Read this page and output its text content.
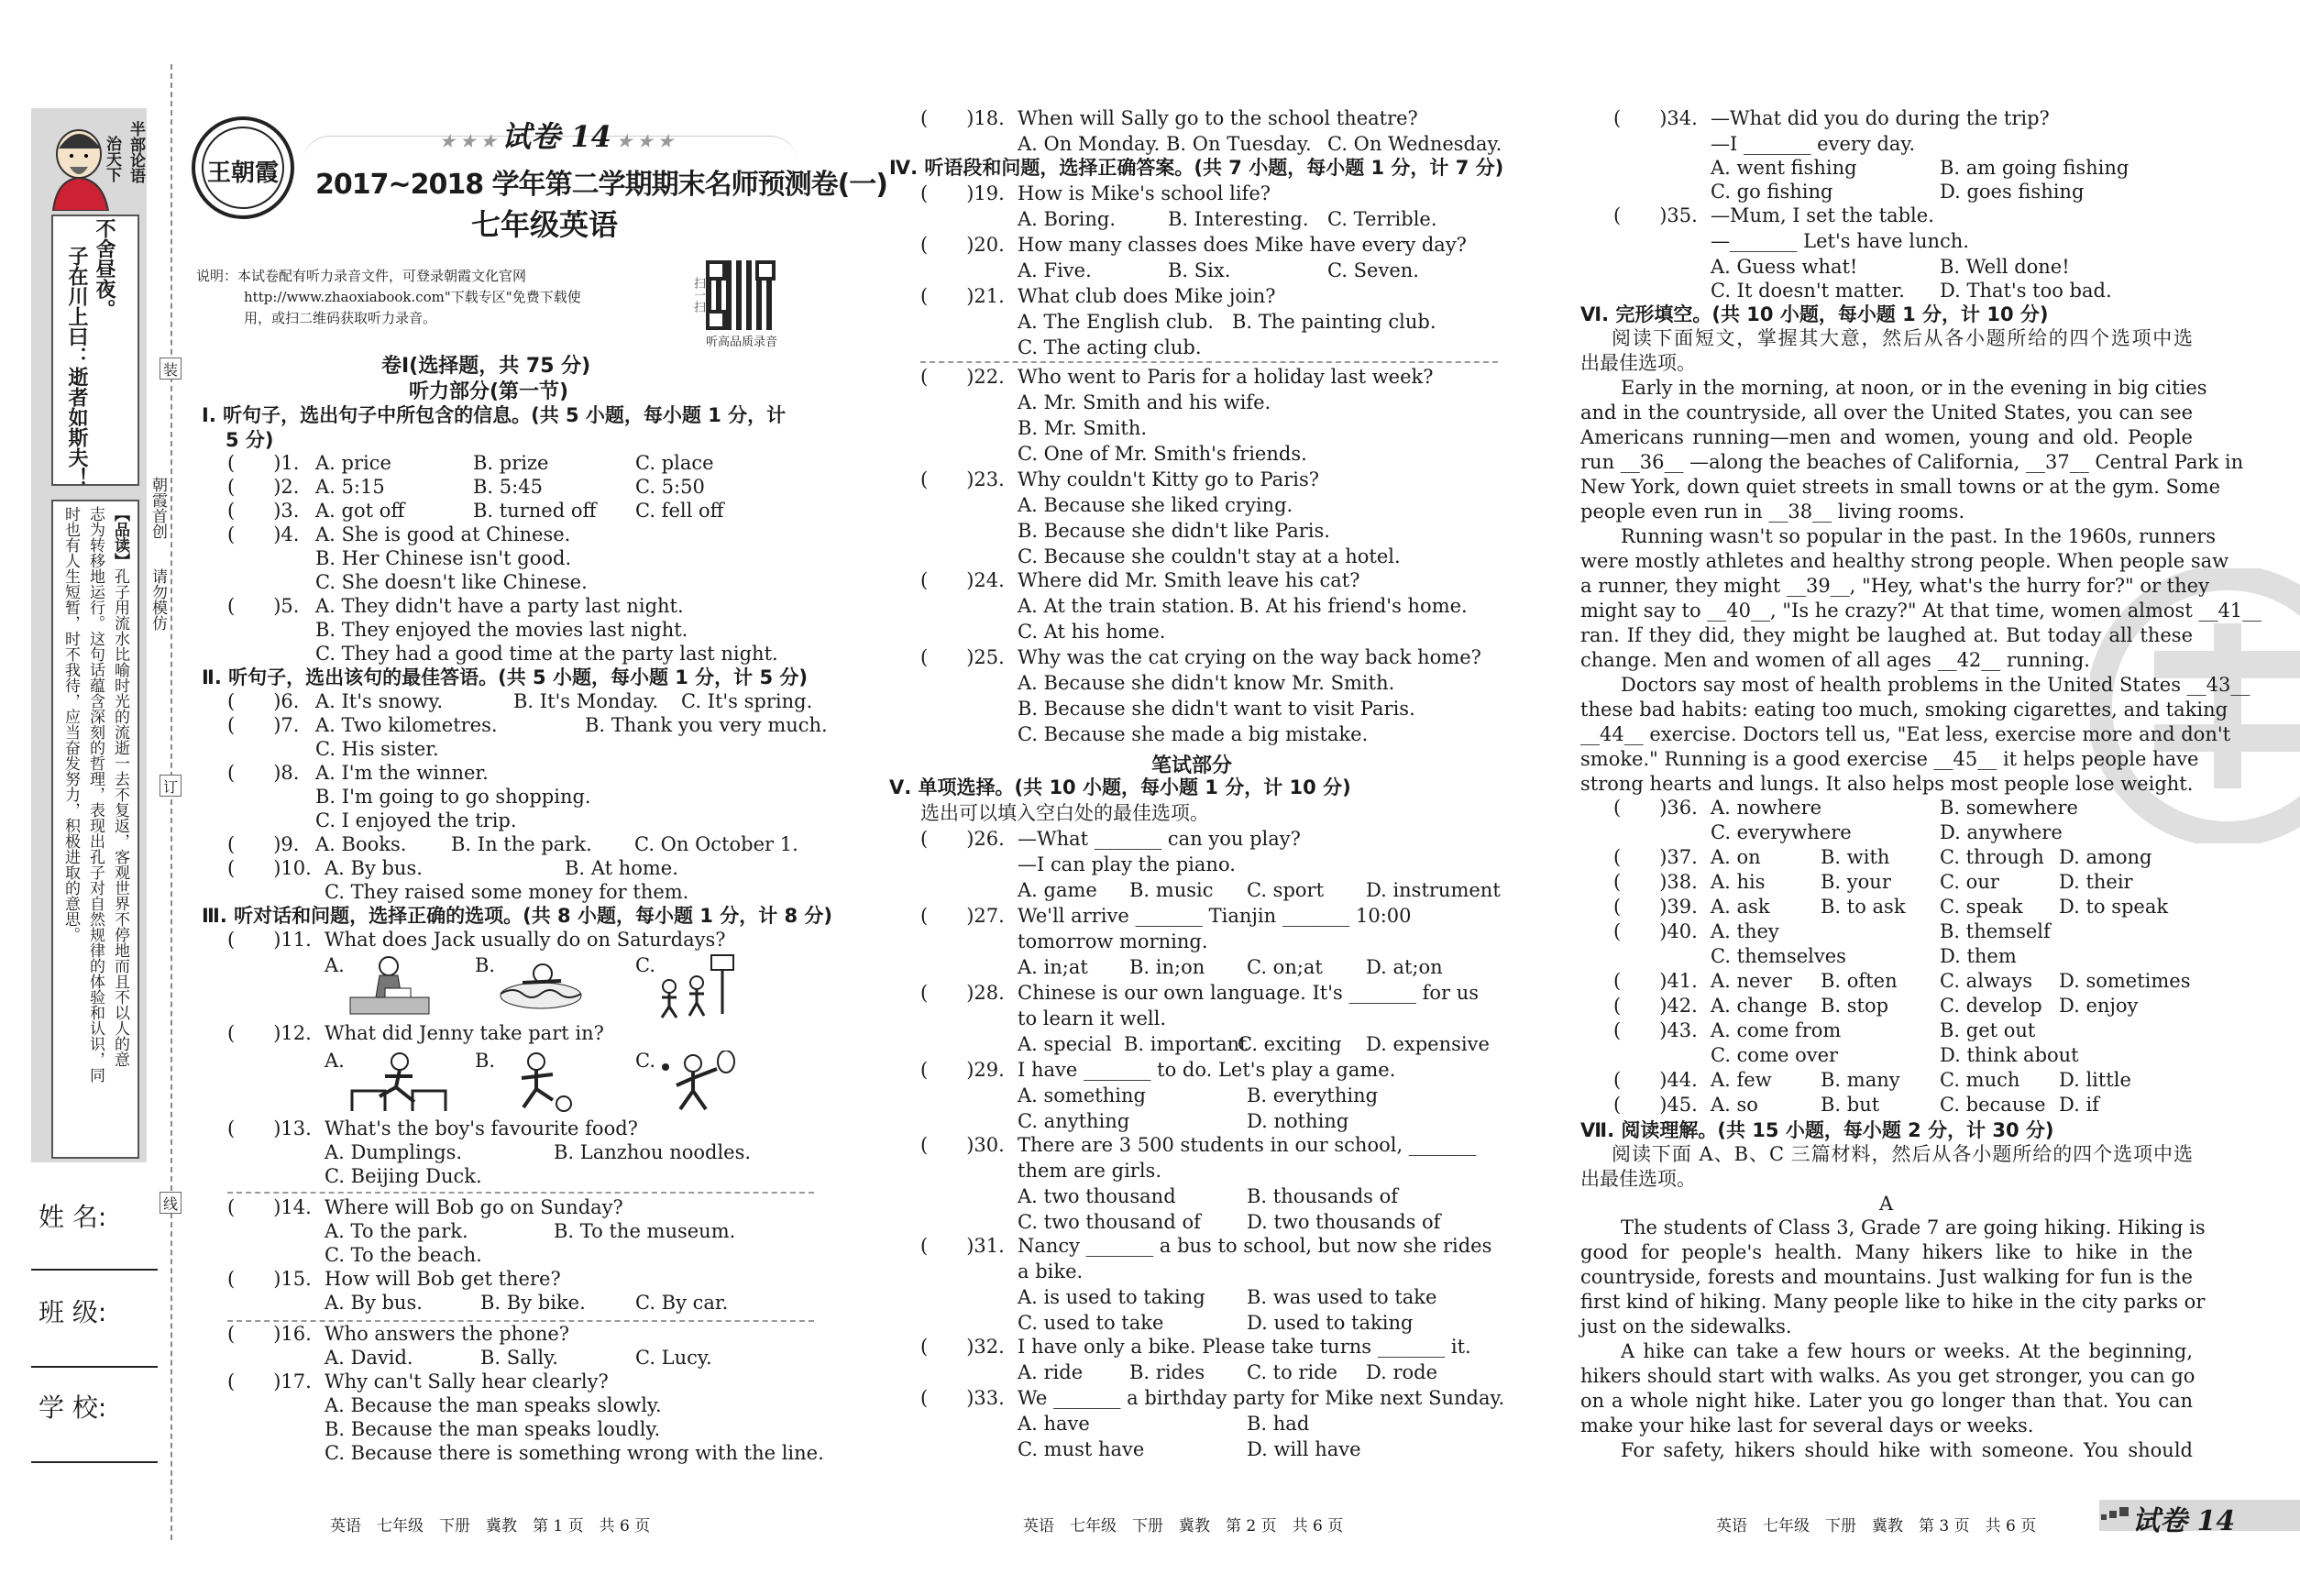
半部论语
治天下
不舍昼夜。
子在川上曰：逝者如斯夫！
【品读】孔子用流水比喻时光的流逝一去不复返，客观世界不停地而且不以人的意
志为转移地运行。这句话蕴含深刻的哲理，表现出孔子对自然规律的体验和认识，同
时也有人生短暂，时不我待，应当奋发努力，积极进取的意思。	朝霞首创
请勿模仿
装
订
线
姓 名:
班 级:
学 校:
王朝霞
★ ★ ★ 试卷 14 ★ ★ ★
2017~2018 学年第二学期期末名师预测卷(一)
七年级英语
说明：本试卷配有听力录音文件，可登录朝霞文化官网
http://www.zhaoxiabook.com"下载专区"免费下载使
用，或扫二维码获取听力录音。
扫一扫
听高品质录音
卷Ⅰ(选择题，共 75 分)
听力部分(第一节)
Ⅰ. 听句子，选出句子中所包含的信息。(共 5 小题，每小题 1 分，计
5 分)
(　　)1. A. price	B. prize	C. place
(　　)2. A. 5:15	B. 5:45	C. 5:50
(　　)3. A. got off	B. turned off C. fell off
(　　)4. A. She is good at Chinese.
B. Her Chinese isn't good.
C. She doesn't like Chinese.
(　　)5. A. They didn't have a party last night.
B. They enjoyed the movies last night.
C. They had a good time at the party last night.
Ⅱ. 听句子，选出该句的最佳答语。(共 5 小题，每小题 1 分，计 5 分)
(　　)6. A. It's snowy.	B. It's Monday. C. It's spring.
(　　)7. A. Two kilometres.	B. Thank you very much.
C. His sister.
(　　)8. A. I'm the winner.
B. I'm going to go shopping.
C. I enjoyed the trip.
(　　)9. A. Books. B. In the park. C. On October 1.
(　　)10. A. By bus.	B. At home.
C. They raised some money for them.
Ⅲ. 听对话和问题，选择正确的选项。(共 8 小题，每小题 1 分，计 8 分)
(　　)11. What does Jack usually do on Saturdays?
A.	B.	C.
(　　)12. What did Jenny take part in?
A.	B.	C.
(　　)13. What's the boy's favourite food?
A. Dumplings.	B. Lanzhou noodles.
C. Beijing Duck.
(　　)14. Where will Bob go on Sunday?
A. To the park.	B. To the museum.
C. To the beach.
(　　)15. How will Bob get there?
A. By bus.	B. By bike.	C. By car.
(　　)16. Who answers the phone?
A. David.	B. Sally.	C. Lucy.
(　　)17. Why can't Sally hear clearly?
A. Because the man speaks slowly.
B. Because the man speaks loudly.
C. Because there is something wrong with the line.
(　　)18. When will Sally go to the school theatre?
A. On Monday. B. On Tuesday. C. On Wednesday.
Ⅳ. 听语段和问题，选择正确答案。(共 7 小题，每小题 1 分，计 7 分)
(　　)19. How is Mike's school life?
A. Boring.	B. Interesting. C. Terrible.
(　　)20. How many classes does Mike have every day?
A. Five.	B. Six.	C. Seven.
(　　)21. What club does Mike join?
A. The English club. B. The painting club.
C. The acting club.
(　　)22. Who went to Paris for a holiday last week?
A. Mr. Smith and his wife.
B. Mr. Smith.
C. One of Mr. Smith's friends.
(　　)23. Why couldn't Kitty go to Paris?
A. Because she liked crying.
B. Because she didn't like Paris.
C. Because she couldn't stay at a hotel.
(　　)24. Where did Mr. Smith leave his cat?
A. At the train station. B. At his friend's home.
C. At his home.
(　　)25. Why was the cat crying on the way back home?
A. Because she didn't know Mr. Smith.
B. Because she didn't want to visit Paris.
C. Because she made a big mistake.
笔试部分
Ⅴ. 单项选择。(共 10 小题，每小题 1 分，计 10 分)
选出可以填入空白处的最佳选项。
(　　)26. —What _______ can you play?
—I can play the piano.
A. game B. music C. sport D. instrument
(　　)27. We'll arrive _______ Tianjin _______ 10:00
tomorrow morning.
A. in;at B. in;on C. on;at D. at;on
(　　)28. Chinese is our own language. It's _______ for us
to learn it well.
A. special B. important
C. exciting D. expensive
(　　)29. I have _______ to do. Let's play a game.
A. something	B. everything
C. anything	D. nothing
(　　)30. There are 3 500 students in our school, _______
them are girls.
A. two thousand	B. thousands of
C. two thousand of D. two thousands of
(　　)31. Nancy _______ a bus to school, but now she rides
a bike.
A. is used to taking B. was used to take
C. used to take	D. used to taking
(　　)32. I have only a bike. Please take turns _______ it.
A. ride B. rides C. to ride D. rode
(　　)33. We _______ a birthday party for Mike next Sunday.
A. have	B. had
C. must have	D. will have
(　　)34. —What did you do during the trip?
—I _______ every day.
A. went fishing	B. am going fishing
C. go fishing	D. goes fishing
(　　)35. —Mum, I set the table.
—_______ Let's have lunch.
A. Guess what!	B. Well done!
C. It doesn't matter. D. That's too bad.
Ⅵ. 完形填空。(共 10 小题，每小题 1 分，计 10 分)
阅读下面短文，掌握其大意，然后从各小题所给的四个选项中选
出最佳选项。
Early in the morning, at noon, or in the evening in big cities
and in the countryside, all over the United States, you can see
Americans running—men and women, young and old. People
run __36__ —along the beaches of California, __37__ Central Park in
New York, down quiet streets in small towns or at the gym. Some
people even run in __38__ living rooms.
Running wasn't so popular in the past. In the 1960s, runners
were mostly athletes and healthy strong people. When people saw
a runner, they might __39__, "Hey, what's the hurry for?" or they
might say to __40__, "Is he crazy?" At that time, women almost __41__
ran. If they did, they might be laughed at. But today all these
change. Men and women of all ages __42__ running.
Doctors say most of health problems in the United States __43__
these bad habits: eating too much, smoking cigarettes, and taking
__44__ exercise. Doctors tell us, "Eat less, exercise more and don't
smoke." Running is a good exercise __45__ it helps people have
strong hearts and lungs. It also helps most people lose weight.
(　　)36. A. nowhere	B. somewhere
C. everywhere	D. anywhere
(　　)37. A. on	B. with	C. through D. among
(　　)38. A. his	B. your	C. our	D. their
(　　)39. A. ask	B. to ask C. speak D. to speak
(　　)40. A. they	B. themself
C. themselves	D. them
(　　)41. A. never B. often C. always D. sometimes
(　　)42. A. change B. stop	C. develop D. enjoy
(　　)43. A. come from	B. get out
C. come over	D. think about
(　　)44. A. few	B. many C. much D. little
(　　)45. A. so	B. but	C. because D. if
Ⅶ. 阅读理解。(共 15 小题，每小题 2 分，计 30 分)
阅读下面 A、B、C 三篇材料，然后从各小题所给的四个选项中选
出最佳选项。
A
The students of Class 3, Grade 7 are going hiking. Hiking is
good for people's health. Many hikers like to hike in the
countryside, forests and mountains. Just walking for fun is the
first kind of hiking. Many people like to hike in the city parks or
just on the sidewalks.
A hike can take a few hours or weeks. At the beginning,
hikers should start with walks. As you get stronger, you can go
on a whole night hike. Later you go longer than that. You can
make your hike last for several days or weeks.
For safety, hikers should hike with someone. You should
英语　七年级　下册　冀教　第 1 页　共 6 页	英语　七年级　下册　冀教　第 2 页　共 6 页	英语　七年级　下册　冀教　第 3 页　共 6 页	试卷 14
